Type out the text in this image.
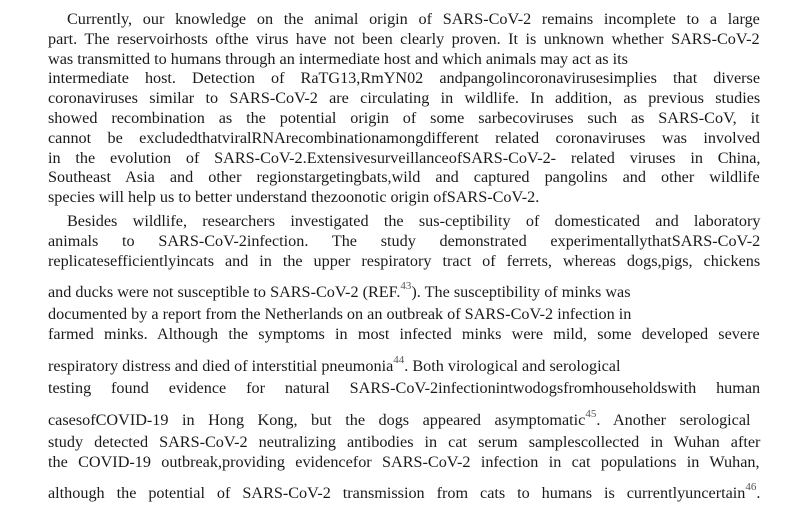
Currently, our knowledge on the animal origin of SARS-CoV-2 remains incomplete to a large
part. The reservoirhosts ofthe virus have not been clearly proven. It is unknown whether SARS-CoV-2
was transmitted to humans through an intermediate host and which animals may act as its
intermediate host. Detection of RaTG13,RmYN02 andpangolincoronavirusesimplies that diverse
coronaviruses similar to SARS-CoV-2 are circulating in wildlife. In addition, as previous studies
showed recombination as the potential origin of some sarbecoviruses such as SARS-CoV, it
cannot be excludedthatviralRNArecombinationamongdifferent related coronaviruses was involved
in the evolution of SARS-CoV-2.ExtensivesurveillanceofSARS-CoV-2- related viruses in China,
Southeast Asia and other regionstargetingbats,wild and captured pangolins and other wildlife
species will help us to better understand thezoonotic origin ofSARS-CoV-2.
Besides wildlife, researchers investigated the sus-ceptibility of domesticated and laboratory
animals to SARS-CoV-2infection. The study demonstrated experimentallythatSARS-CoV-2
replicatesefficientlyincats and in the upper respiratory tract of ferrets, whereas dogs,pigs, chickens
and ducks were not susceptible to SARS-CoV-2 (REF.$^{43}$). The susceptibility of minks was
documented by a report from the Netherlands on an outbreak of SARS-CoV-2 infection in
farmed minks. Although the symptoms in most infected minks were mild, some developed severe
respiratory distress and died of interstitial pneumonia$^{44}$. Both virological and serological
testing found evidence for natural SARS-CoV-2infectionintwodogsfromhouseholdswith human
casesofCOVID-19 in Hong Kong, but the dogs appeared asymptomatic$^{45}$. Another serological
study detected SARS-CoV-2 neutralizing antibodies in cat serum samplescollected in Wuhan after
the COVID-19 outbreak,providing evidencefor SARS-CoV-2 infection in cat populations in Wuhan,
although the potential of SARS-CoV-2 transmission from cats to humans is currentlyuncertain$^{46}$.
